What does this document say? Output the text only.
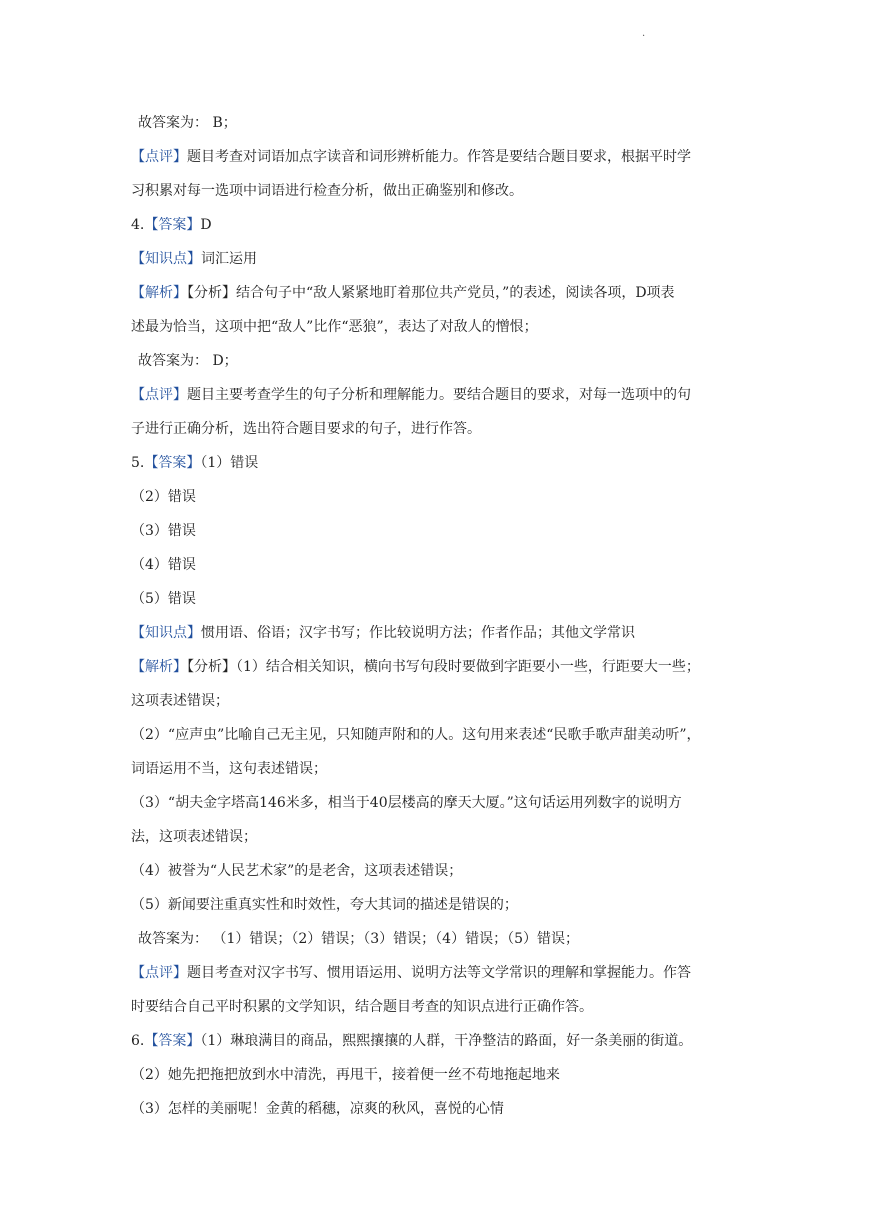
.
故答案为： B；
【点评】题目考查对词语加点字读音和词形辨析能力。作答是要结合题目要求，根据平时学
习积累对每一选项中词语进行检查分析，做出正确鉴别和修改。
4.【答案】D
【知识点】词汇运用
【解析】【分析】结合句子中“敌人紧紧地盯着那位共产党员，”的表述，阅读各项，D项表
述最为恰当，这项中把“敌人”比作“恶狼”，表达了对敌人的憎恨；
故答案为： D；
【点评】题目主要考查学生的句子分析和理解能力。要结合题目的要求，对每一选项中的句
子进行正确分析，选出符合题目要求的句子，进行作答。
5.【答案】（1）错误
（2）错误
（3）错误
（4）错误
（5）错误
【知识点】惯用语、俗语；汉字书写；作比较说明方法；作者作品；其他文学常识
【解析】【分析】（1）结合相关知识，横向书写句段时要做到字距要小一些，行距要大一些；
这项表述错误；
（2）“应声虫”比喻自己无主见，只知随声附和的人。这句用来表述“民歌手歌声甜美动听”，
词语运用不当，这句表述错误；
（3）“胡夫金字塔高146米多，相当于40层楼高的摩天大厦。”这句话运用列数字的说明方
法，这项表述错误；
（4）被誉为“人民艺术家”的是老舍，这项表述错误；
（5）新闻要注重真实性和时效性，夸大其词的描述是错误的；
故答案为： （1）错误；（2）错误；（3）错误；（4）错误；（5）错误；
【点评】题目考查对汉字书写、惯用语运用、说明方法等文学常识的理解和掌握能力。作答
时要结合自己平时积累的文学知识，结合题目考查的知识点进行正确作答。
6.【答案】（1）琳琅满目的商品，熙熙攘攘的人群，干净整洁的路面，好一条美丽的街道。
（2）她先把拖把放到水中清洗，再甩干，接着便一丝不苟地拖起地来
（3）怎样的美丽呢！金黄的稻穗，凉爽的秋风，喜悦的心情
